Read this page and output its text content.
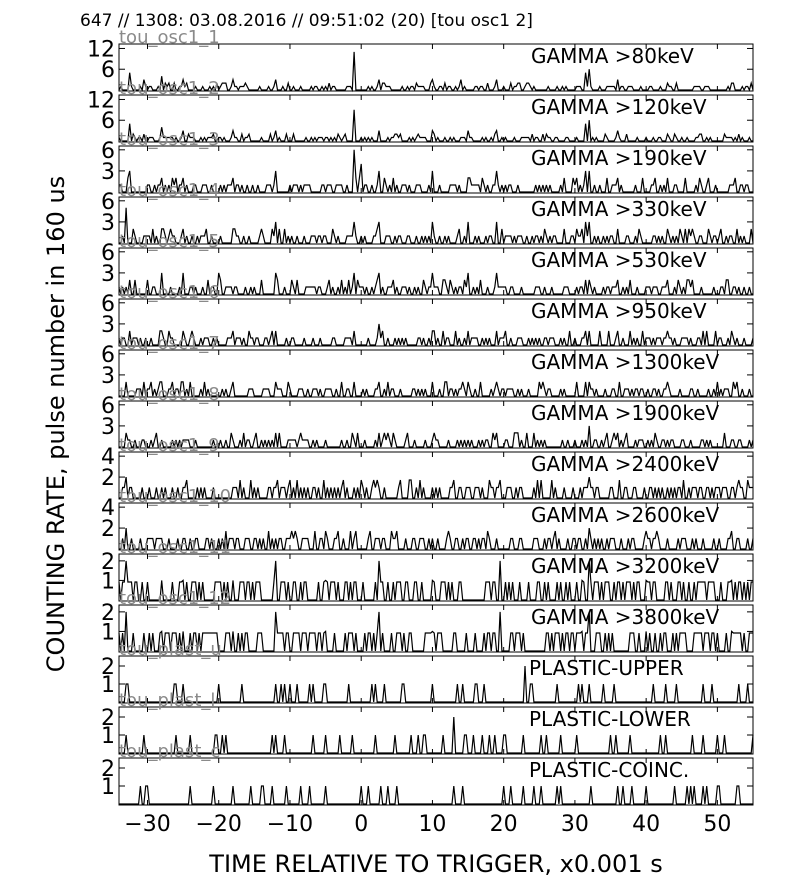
647 // 1308: 03.08.2016 // 09:51:02 (20) [tou osc1 2]
6
12	GAMMA >80keV
tou_osc1_1
6
12	GAMMA >120keV
tou_osc1_2
3
6	GAMMA >190keV
tou_osc1_3
3
6	GAMMA >330keV
tou_osc1_4
3
6	GAMMA >530keV
tou_osc1_5
3
6	GAMMA >950keV
tou_osc1_6
3
6	GAMMA >1300keV
tou_osc1_7
3
6	GAMMA >1900keV
tou_osc1_8
2
4	GAMMA >2400keV
tou_osc1_9
2
4	GAMMA >2600keV
tou_osc1_10
1
2	GAMMA >3200keV
tou_osc1_11
1
2	GAMMA >3800keV
tou_osc1_12
1
2	PLASTIC-UPPER
tou_plast_u
1
2	PLASTIC-LOWER
tou_plast_l
1
2	PLASTIC-COINC.
tou_plast_c
−30 −20 −10 0 10 20 30 40 50
TIME RELATIVE TO TRIGGER, x0.001 s
COUNTING RATE, pulse number in 160 us
